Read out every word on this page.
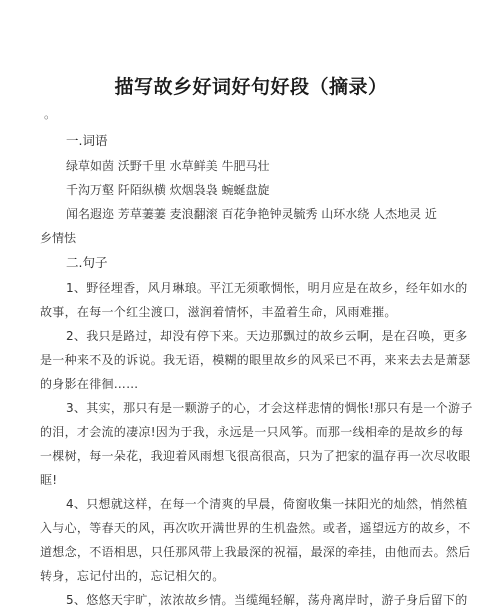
描写故乡好词好句好段（摘录）
。
一.词语
绿草如茵 沃野千里 水草鲜美 牛肥马壮
千沟万壑 阡陌纵横 炊烟袅袅 蜿蜒盘旋
闻名遐迩 芳草萋萋 麦浪翻滚 百花争艳钟灵毓秀 山环水绕 人杰地灵 近
乡情怯
二.句子
1、野径埋香，风月琳琅。平江无须歌惆怅，明月应是在故乡，经年如水的
故事，在每一个红尘渡口，滋润着情怀，丰盈着生命，风雨难摧。
2、我只是路过，却没有停下来。天边那飘过的故乡云啊，是在召唤，更多
是一种来不及的诉说。我无语，模糊的眼里故乡的风采已不再，来来去去是萧瑟
的身影在徘徊……
3、其实，那只有是一颗游子的心，才会这样悲情的惆怅!那只有是一个游子
的泪，才会流的凄凉!因为于我，永远是一只风筝。而那一线相牵的是故乡的每
一棵树，每一朵花，我迎着风雨想飞很高很高，只为了把家的温存再一次尽收眼
眶!
4、只想就这样，在每一个清爽的早晨，倚窗收集一抹阳光的灿然，悄然植
入与心，等春天的风，再次吹开满世界的生机盎然。或者，遥望远方的故乡，不
道想念，不语相思，只任那风带上我最深的祝福，最深的牵挂，由他而去。然后
转身，忘记付出的，忘记相欠的。
5、悠悠天宇旷，浓浓故乡情。当缆绳轻解，荡舟离岸时，游子身后留下的
